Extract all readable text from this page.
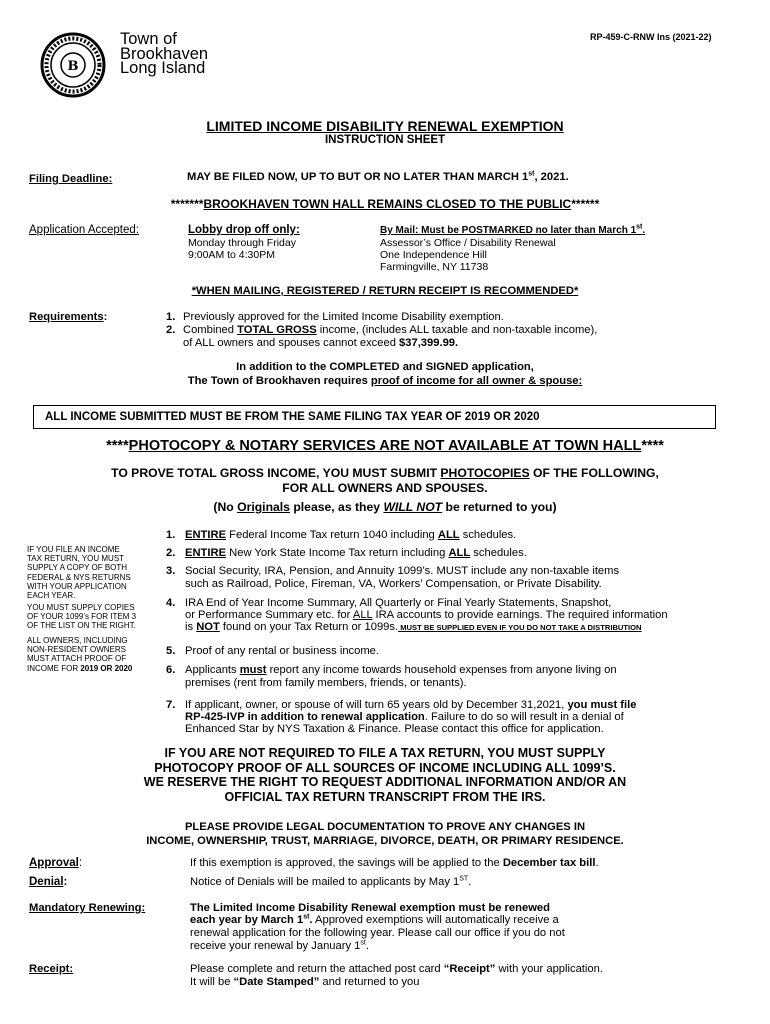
RP-459-C-RNW Ins (2021-22)
B
Town of
Brookhaven
Long Island
LIMITED INCOME DISABILITY RENEWAL EXEMPTION
INSTRUCTION SHEET
Filing Deadline:	MAY BE FILED NOW, UP TO BUT OR NO LATER THAN MARCH 1st, 2021.
*******BROOKHAVEN TOWN HALL REMAINS CLOSED TO THE PUBLIC******
Application Accepted:	Lobby drop off only:
Monday through Friday
9:00AM to 4:30PM
By Mail: Must be POSTMARKED no later than March 1st.
Assessor’s Office / Disability Renewal
One Independence Hill
Farmingville, NY 11738
*WHEN MAILING, REGISTERED / RETURN RECEIPT IS RECOMMENDED*
Requirements:	1. Previously approved for the Limited Income Disability exemption.
2. Combined TOTAL GROSS income, (includes ALL taxable and non-taxable income),
of ALL owners and spouses cannot exceed $37,399.99.
In addition to the COMPLETED and SIGNED application,
The Town of Brookhaven requires proof of income for all owner & spouse:
ALL INCOME SUBMITTED MUST BE FROM THE SAME FILING TAX YEAR OF 2019 OR 2020
****PHOTOCOPY & NOTARY SERVICES ARE NOT AVAILABLE AT TOWN HALL****
TO PROVE TOTAL GROSS INCOME, YOU MUST SUBMIT PHOTOCOPIES OF THE FOLLOWING,
FOR ALL OWNERS AND SPOUSES.
(No Originals please, as they WILL NOT be returned to you)
IF YOU FILE AN INCOME
TAX RETURN, YOU MUST
SUPPLY A COPY OF BOTH
FEDERAL & NYS RETURNS
WITH YOUR APPLICATION
EACH YEAR.
YOU MUST SUPPLY COPIES
OF YOUR 1099’s FOR ITEM 3
OF THE LIST ON THE RIGHT.
ALL OWNERS, INCLUDING
NON-RESIDENT OWNERS
MUST ATTACH PROOF OF
INCOME FOR 2019 OR 2020
1. ENTIRE Federal Income Tax return 1040 including ALL schedules.
2. ENTIRE New York State Income Tax return including ALL schedules.
3. Social Security, IRA, Pension, and Annuity 1099’s. MUST include any non-taxable items
such as Railroad, Police, Fireman, VA, Workers’ Compensation, or Private Disability.
4. IRA End of Year Income Summary, All Quarterly or Final Yearly Statements, Snapshot,
or Performance Summary etc. for ALL IRA accounts to provide earnings. The required information
is NOT found on your Tax Return or 1099s. MUST BE SUPPLIED EVEN IF YOU DO NOT TAKE A DISTRIBUTION
5. Proof of any rental or business income.
6. Applicants must report any income towards household expenses from anyone living on
premises (rent from family members, friends, or tenants).
7. If applicant, owner, or spouse of will turn 65 years old by December 31,2021, you must file
RP-425-IVP in addition to renewal application. Failure to do so will result in a denial of
Enhanced Star by NYS Taxation & Finance. Please contact this office for application.
IF YOU ARE NOT REQUIRED TO FILE A TAX RETURN, YOU MUST SUPPLY
PHOTOCOPY PROOF OF ALL SOURCES OF INCOME INCLUDING ALL 1099’S.
WE RESERVE THE RIGHT TO REQUEST ADDITIONAL INFORMATION AND/OR AN
OFFICIAL TAX RETURN TRANSCRIPT FROM THE IRS.
PLEASE PROVIDE LEGAL DOCUMENTATION TO PROVE ANY CHANGES IN
INCOME, OWNERSHIP, TRUST, MARRIAGE, DIVORCE, DEATH, OR PRIMARY RESIDENCE.
Approval:	If this exemption is approved, the savings will be applied to the December tax bill.
Denial:	Notice of Denials will be mailed to applicants by May 1ST.
Mandatory Renewing:	The Limited Income Disability Renewal exemption must be renewed
each year by March 1st. Approved exemptions will automatically receive a
renewal application for the following year. Please call our office if you do not
receive your renewal by January 1st.
Receipt:	Please complete and return the attached post card “Receipt” with your application.
It will be “Date Stamped” and returned to you
